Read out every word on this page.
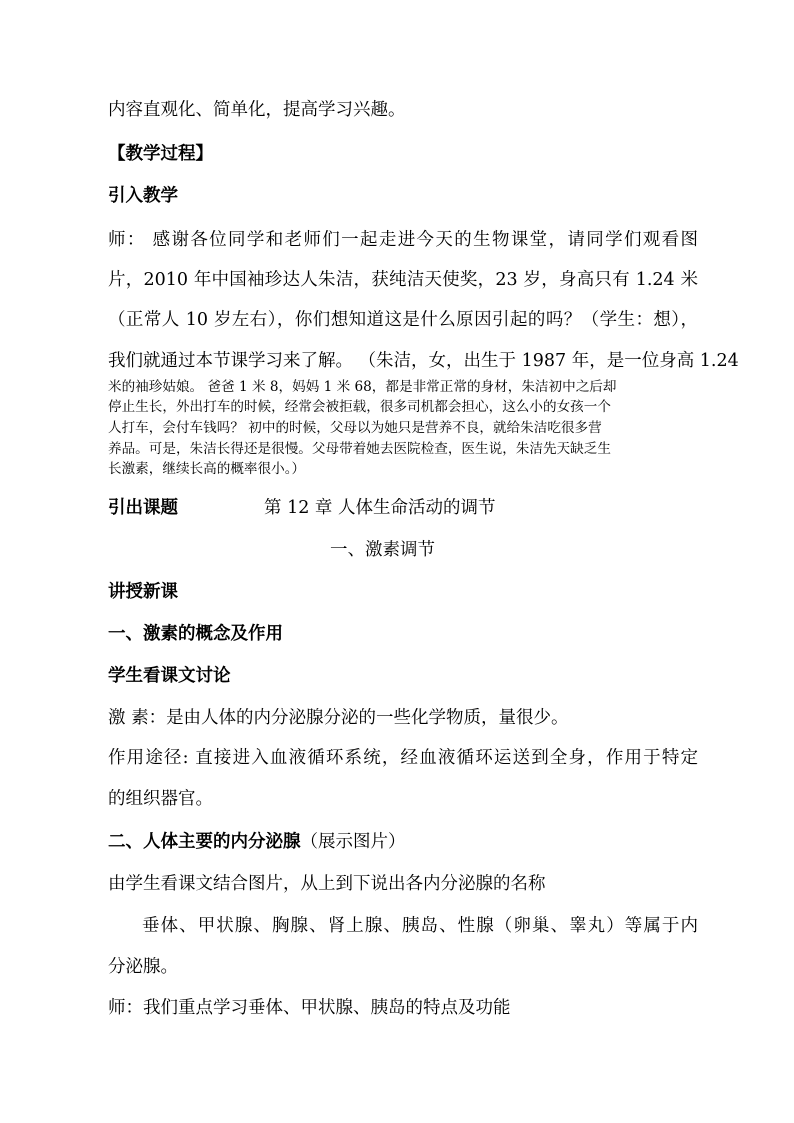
内容直观化、简单化，提高学习兴趣。
【教学过程】
引入教学
师： 感谢各位同学和老师们一起走进今天的生物课堂，请同学们观看图
片，2010 年中国袖珍达人朱洁，获纯洁天使奖，23 岁，身高只有 1.24 米
（正常人 10 岁左右），你们想知道这是什么原因引起的吗？（学生：想），
我们就通过本节课学习来了解。 （朱洁，女，出生于 1987 年，是一位身高 1.24
米的袖珍姑娘。 爸爸 1 米 8，妈妈 1 米 68，都是非常正常的身材，朱洁初中之后却
停止生长，外出打车的时候，经常会被拒载，很多司机都会担心，这么小的女孩一个
人打车，会付车钱吗？ 初中的时候，父母以为她只是营养不良，就给朱洁吃很多营
养品。可是，朱洁长得还是很慢。父母带着她去医院检查，医生说，朱洁先天缺乏生
长激素，继续长高的概率很小。）
引出课题	第 12 章 人体生命活动的调节
一、激素调节
讲授新课
一、激素的概念及作用
学生看课文讨论
激 素：是由人体的内分泌腺分泌的一些化学物质，量很少。
作用途径: 直接进入血液循环系统，经血液循环运送到全身，作用于特定
的组织器官。
二、人体主要的内分泌腺（展示图片）
由学生看课文结合图片，从上到下说出各内分泌腺的名称
垂体、甲状腺、胸腺、肾上腺、胰岛、性腺（卵巢、睾丸）等属于内
分泌腺。
师：我们重点学习垂体、甲状腺、胰岛的特点及功能
